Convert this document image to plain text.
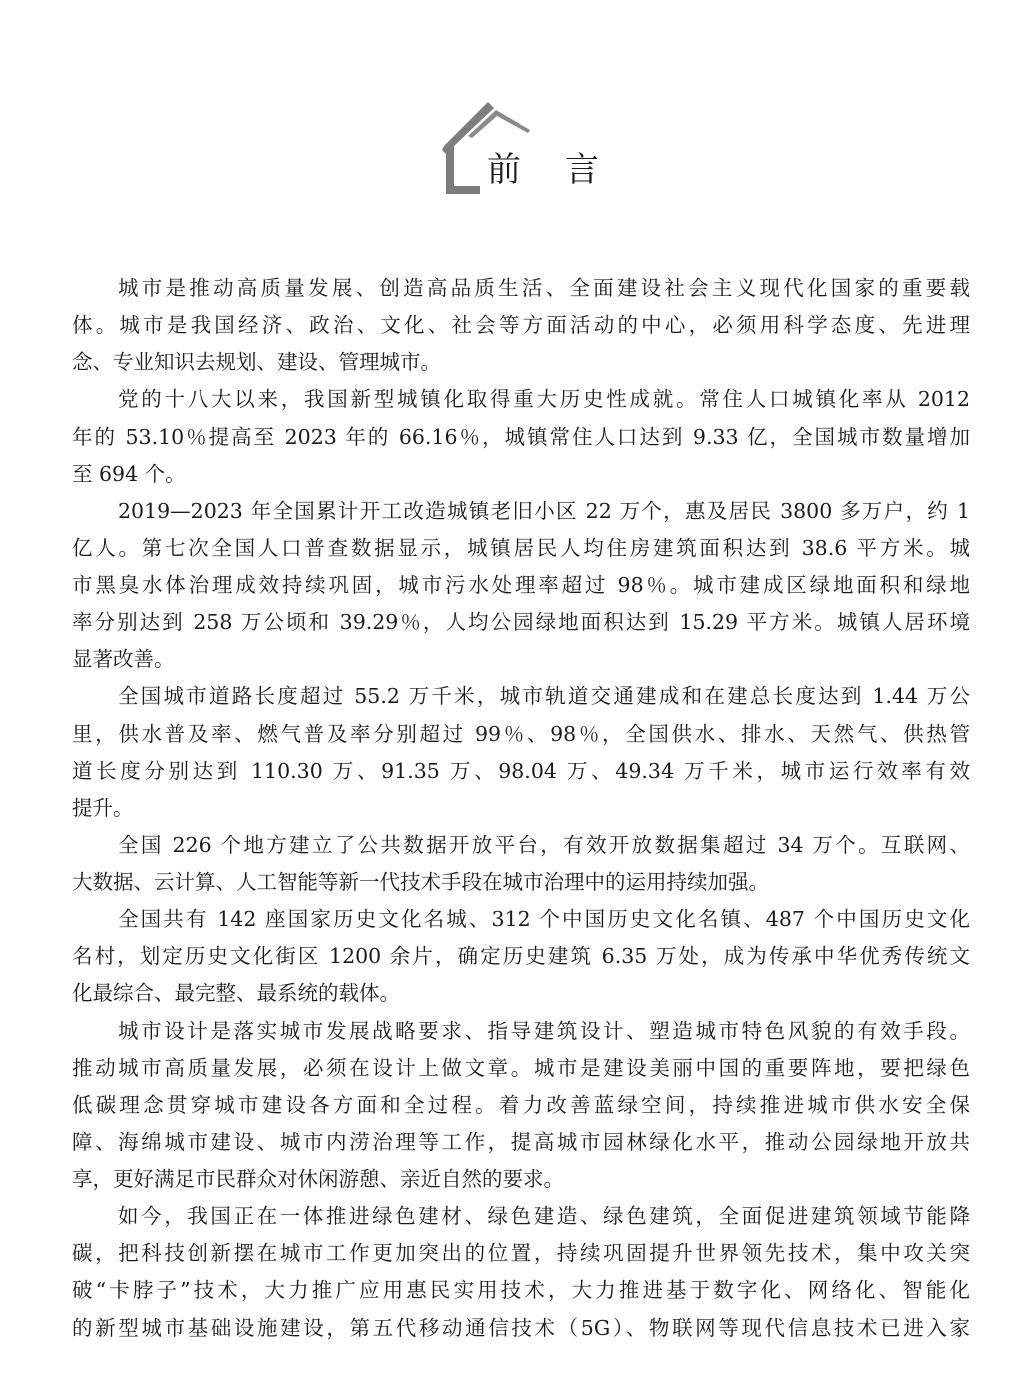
前 言
城市是推动高质量发展、创造高品质生活、全面建设社会主义现代化国家的重要载
体。城市是我国经济、政治、文化、社会等方面活动的中心，必须用科学态度、先进理
念、专业知识去规划、建设、管理城市。
党的十八大以来，我国新型城镇化取得重大历史性成就。常住人口城镇化率从 2012
年的 53.10％提高至 2023 年的 66.16％，城镇常住人口达到 9.33 亿，全国城市数量增加
至 694 个。
2019—2023 年全国累计开工改造城镇老旧小区 22 万个，惠及居民 3800 多万户，约 1
亿人。第七次全国人口普查数据显示，城镇居民人均住房建筑面积达到 38.6 平方米。城
市黑臭水体治理成效持续巩固，城市污水处理率超过 98％。城市建成区绿地面积和绿地
率分别达到 258 万公顷和 39.29％，人均公园绿地面积达到 15.29 平方米。城镇人居环境
显著改善。
全国城市道路长度超过 55.2 万千米，城市轨道交通建成和在建总长度达到 1.44 万公
里，供水普及率、燃气普及率分别超过 99％、98％，全国供水、排水、天然气、供热管
道长度分别达到 110.30 万、91.35 万、98.04 万、49.34 万千米，城市运行效率有效
提升。
全国 226 个地方建立了公共数据开放平台，有效开放数据集超过 34 万个。互联网、
大数据、云计算、人工智能等新一代技术手段在城市治理中的运用持续加强。
全国共有 142 座国家历史文化名城、312 个中国历史文化名镇、487 个中国历史文化
名村，划定历史文化街区 1200 余片，确定历史建筑 6.35 万处，成为传承中华优秀传统文
化最综合、最完整、最系统的载体。
城市设计是落实城市发展战略要求、指导建筑设计、塑造城市特色风貌的有效手段。
推动城市高质量发展，必须在设计上做文章。城市是建设美丽中国的重要阵地，要把绿色
低碳理念贯穿城市建设各方面和全过程。着力改善蓝绿空间，持续推进城市供水安全保
障、海绵城市建设、城市内涝治理等工作，提高城市园林绿化水平，推动公园绿地开放共
享，更好满足市民群众对休闲游憩、亲近自然的要求。
如今，我国正在一体推进绿色建材、绿色建造、绿色建筑，全面促进建筑领域节能降
碳，把科技创新摆在城市工作更加突出的位置，持续巩固提升世界领先技术，集中攻关突
破“卡脖子”技术，大力推广应用惠民实用技术，大力推进基于数字化、网络化、智能化
的新型城市基础设施建设，第五代移动通信技术（5G）、物联网等现代信息技术已进入家
